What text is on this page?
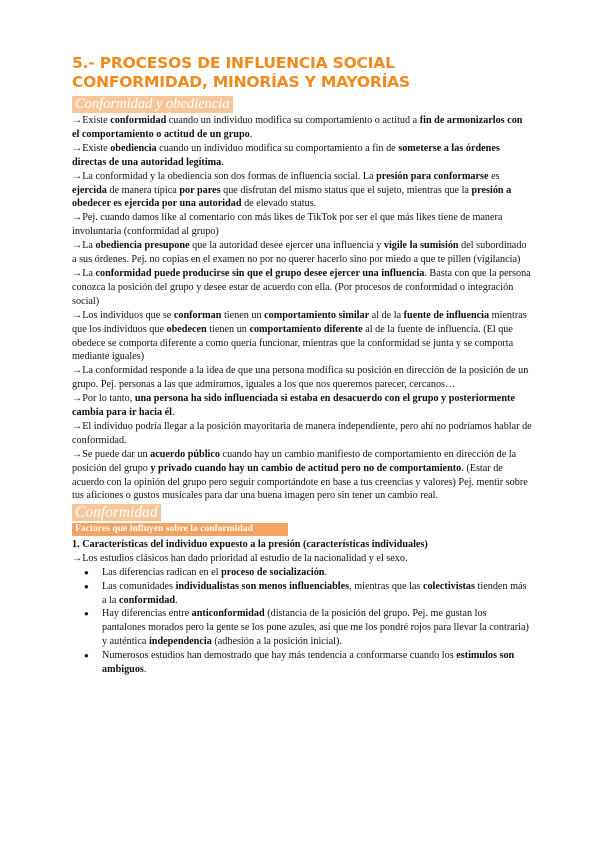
5.- PROCESOS DE INFLUENCIA SOCIAL CONFORMIDAD, MINORÍAS Y MAYORÍAS
Conformidad y obediencia

→Existe conformidad cuando un individuo modifica su comportamiento o actitud a fin de armonizarlos con el comportamiento o actitud de un grupo.

→Existe obediencia cuando un individuo modifica su comportamiento a fin de someterse a las órdenes directas de una autoridad legítima.

→La conformidad y la obediencia son dos formas de influencia social. La presión para conformarse es ejercida de manera típica por pares que disfrutan del mismo status que el sujeto, mientras que la presión a obedecer es ejercida por una autoridad de elevado status.

→Pej. cuando damos like al comentario con más likes de TikTok por ser el que más likes tiene de manera involuntaria (conformidad al grupo)

→La obediencia presupone que la autoridad desee ejercer una influencia y vigile la sumisión del subordinado a sus órdenes. Pej. no copias en el examen no por no querer hacerlo sino por miedo a que te pillen (vigilancia)

→La conformidad puede producirse sin que el grupo desee ejercer una influencia. Basta con que la persona conozca la posición del grupo y desee estar de acuerdo con ella. (Por procesos de conformidad o integración social)

→Los individuos que se conforman tienen un comportamiento similar al de la fuente de influencia mientras que los individuos que obedecen tienen un comportamiento diferente al de la fuente de influencia. (El que obedece se comporta diferente a como quería funcionar, mientras que la conformidad se junta y se comporta mediante iguales)

→La conformidad responde a la idea de que una persona modifica su posición en dirección de la posición de un grupo. Pej. personas a las que admiramos, iguales a los que nos queremos parecer, cercanos…

→Por lo tanto, una persona ha sido influenciada si estaba en desacuerdo con el grupo y posteriormente cambia para ir hacia él.

→El individuo podría llegar a la posición mayoritaria de manera independiente, pero ahí no podríamos hablar de conformidad.

→Se puede dar un acuerdo público cuando hay un cambio manifiesto de comportamiento en dirección de la posición del grupo y privado cuando hay un cambio de actitud pero no de comportamiento. (Estar de acuerdo con la opinión del grupo pero seguir comportándote en base a tus creencias y valores) Pej. mentir sobre tus aficiones o gustos musicales para dar una buena imagen pero sin tener un cambio real.

Conformidad
Factores que influyen sobre la conformidad
1. Características del individuo expuesto a la presión (características individuales)

→Los estudios clásicos han dado prioridad al estudio de la nacionalidad y el sexo.

● Las diferencias radican en el proceso de socialización.
● Las comunidades individualistas son menos influenciables, mientras que las colectivistas tienden más a la conformidad.
● Hay diferencias entre anticonformidad (distancia de la posición del grupo. Pej. me gustan los pantalones morados pero la gente se los pone azules, así que me los pondré rojos para llevar la contraria) y auténtica independencia (adhesión a la posición inicial).
● Numerosos estudios han demostrado que hay más tendencia a conformarse cuando los estímulos son ambiguos.
